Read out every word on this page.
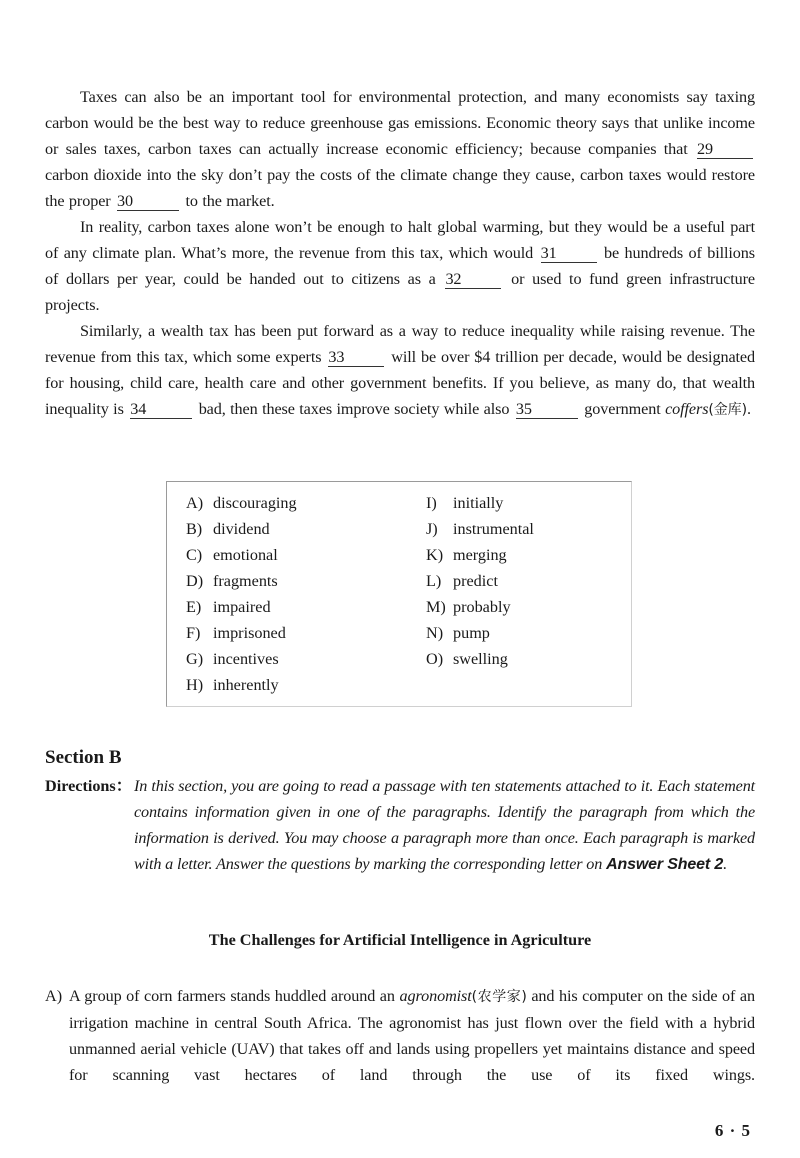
Taxes can also be an important tool for environmental protection, and many economists say taxing carbon would be the best way to reduce greenhouse gas emissions. Economic theory says that unlike income or sales taxes, carbon taxes can actually increase economic efficiency; because companies that 29 carbon dioxide into the sky don’t pay the costs of the climate change they cause, carbon taxes would restore the proper 30	to the market.

In reality, carbon taxes alone won’t be enough to halt global warming, but they would be a useful part of any climate plan. What’s more, the revenue from this tax, which would 31	be hundreds of billions of dollars per year, could be handed out to citizens as a 32	or used to fund green infrastructure projects.

Similarly, a wealth tax has been put forward as a way to reduce inequality while raising revenue. The revenue from this tax, which some experts 33	will be over $4 trillion per decade, would be designated for housing, child care, health care and other government benefits. If you believe, as many do, that wealth inequality is 34	bad, then these taxes improve society while also 35	government coffers(金库).

A) discouraging
B) dividend
C) emotional
D) fragments
E) impaired
F) imprisoned
G) incentives
H) inherently
I) initially
J) instrumental
K) merging
L) predict
M) probably
N) pump
O) swelling
Section B
Directions： In this section, you are going to read a passage with ten statements attached to it. Each statement contains information given in one of the paragraphs. Identify the paragraph from which the information is derived. You may choose a paragraph more than once. Each paragraph is marked with a letter. Answer the questions by marking the corresponding letter on Answer Sheet 2.
The Challenges for Artificial Intelligence in Agriculture
A) A group of corn farmers stands huddled around an agronomist(农学家) and his computer on the side of an irrigation machine in central South Africa. The agronomist has just flown over the field with a hybrid unmanned aerial vehicle (UAV) that takes off and lands using propellers yet maintains distance and speed for scanning vast hectares of land through the use of its fixed wings.
6 · 5
